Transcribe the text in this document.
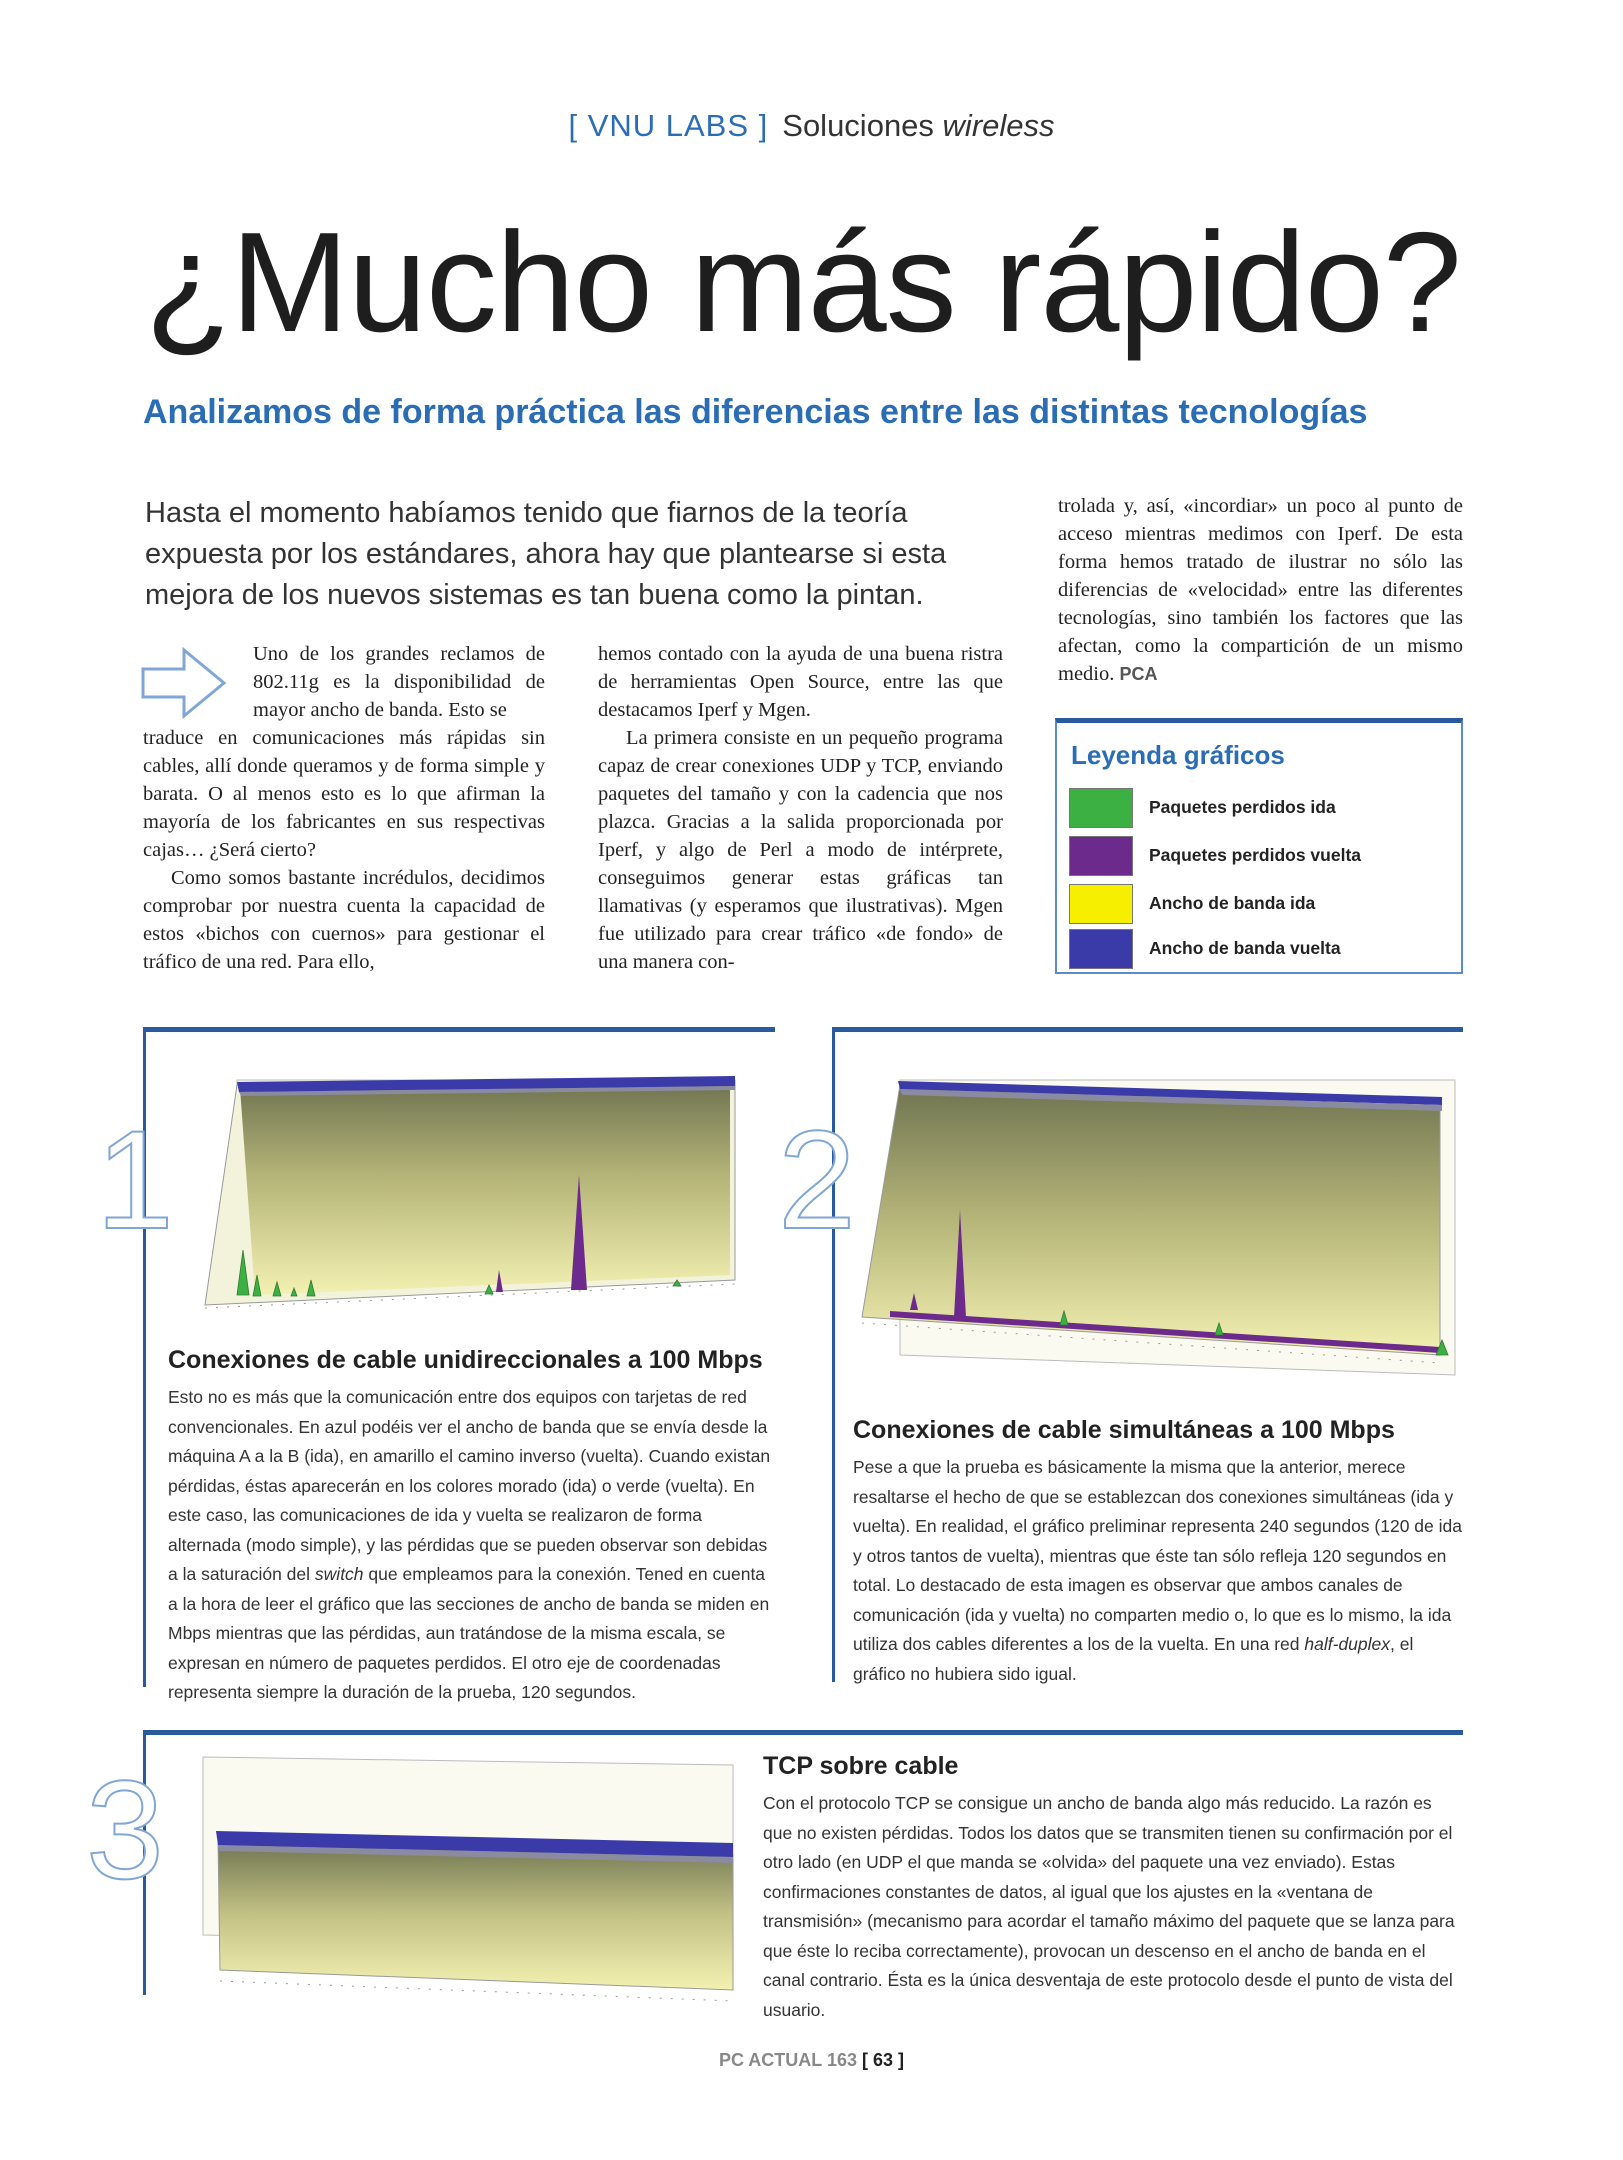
[ VNU LABS ] Soluciones wireless
¿Mucho más rápido?
Analizamos de forma práctica las diferencias entre las distintas tecnologías
Hasta el momento habíamos tenido que fiarnos de la teoría expuesta por los estándares, ahora hay que plantearse si esta mejora de los nuevos sistemas es tan buena como la pintan.
Uno de los grandes reclamos de 802.11g es la disponibilidad de mayor ancho de banda. Esto se

traduce en comunicaciones más rápidas sin cables, allí donde queramos y de forma simple y barata. O al menos esto es lo que afirman la mayoría de los fabricantes en sus respectivas cajas… ¿Será cierto?

Como somos bastante incrédulos, decidimos comprobar por nuestra cuenta la capacidad de estos «bichos con cuernos» para gestionar el tráfico de una red. Para ello,

hemos contado con la ayuda de una buena ristra de herramientas Open Source, entre las que destacamos Iperf y Mgen.

La primera consiste en un pequeño programa capaz de crear conexiones UDP y TCP, enviando paquetes del tamaño y con la cadencia que nos plazca. Gracias a la salida proporcionada por Iperf, y algo de Perl a modo de intérprete, conseguimos generar estas gráficas tan llamativas (y esperamos que ilustrativas). Mgen fue utilizado para crear tráfico «de fondo» de una manera con-

trolada y, así, «incordiar» un poco al punto de acceso mientras medimos con Iperf. De esta forma hemos tratado de ilustrar no sólo las diferencias de «velocidad» entre las diferentes tecnologías, sino también los factores que las afectan, como la compartición de un mismo medio. PCA

Leyenda gráficos
Paquetes perdidos ida
Paquetes perdidos vuelta
Ancho de banda ida
Ancho de banda vuelta
1
Conexiones de cable unidireccionales a 100 Mbps
Esto no es más que la comunicación entre dos equipos con tarjetas de red convencionales. En azul podéis ver el ancho de banda que se envía desde la máquina A a la B (ida), en amarillo el camino inverso (vuelta). Cuando existan pérdidas, éstas aparecerán en los colores morado (ida) o verde (vuelta). En este caso, las comunicaciones de ida y vuelta se realizaron de forma alternada (modo simple), y las pérdidas que se pueden observar son debidas a la saturación del switch que empleamos para la conexión. Tened en cuenta a la hora de leer el gráfico que las secciones de ancho de banda se miden en Mbps mientras que las pérdidas, aun tratándose de la misma escala, se expresan en número de paquetes perdidos. El otro eje de coordenadas representa siempre la duración de la prueba, 120 segundos.
2
Conexiones de cable simultáneas a 100 Mbps
Pese a que la prueba es básicamente la misma que la anterior, merece resaltarse el hecho de que se establezcan dos conexiones simultáneas (ida y vuelta). En realidad, el gráfico preliminar representa 240 segundos (120 de ida y otros tantos de vuelta), mientras que éste tan sólo refleja 120 segundos en total. Lo destacado de esta imagen es observar que ambos canales de comunicación (ida y vuelta) no comparten medio o, lo que es lo mismo, la ida utiliza dos cables diferentes a los de la vuelta. En una red half-duplex, el gráfico no hubiera sido igual.
3	TCP sobre cable
Con el protocolo TCP se consigue un ancho de banda algo más reducido. La razón es que no existen pérdidas. Todos los datos que se transmiten tienen su confirmación por el otro lado (en UDP el que manda se «olvida» del paquete una vez enviado). Estas confirmaciones constantes de datos, al igual que los ajustes en la «ventana de transmisión» (mecanismo para acordar el tamaño máximo del paquete que se lanza para que éste lo reciba correctamente), provocan un descenso en el ancho de banda en el canal contrario. Ésta es la única desventaja de este protocolo desde el punto de vista del usuario.
PC ACTUAL 163 [ 63 ]
